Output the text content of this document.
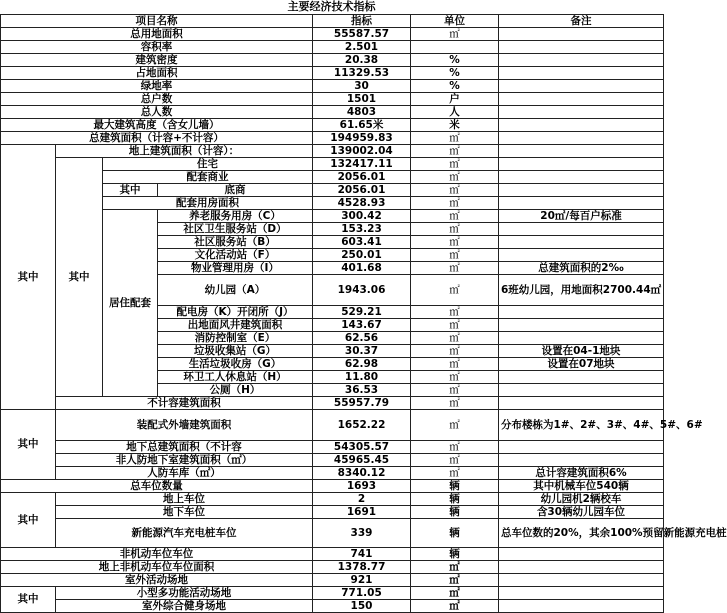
主要经济技术指标
项目名称				指标	单位	备注
总用地面积				55587.57	㎡	
容积率				2.501		
建筑密度				20.38	%	
占地面积				11329.53	%	
绿地率				30	%	
总户数				1501	户	
总人数				4803	人	
最大建筑高度（含女儿墙）				61.65米	米	
总建筑面积（计容+不计容）				194959.83	㎡	
其中	地上建筑面积（计容）：			139002.04	㎡	
	其中	住宅		132417.11	㎡	
		配套商业		2056.01	㎡	
		其中	底商	2056.01	㎡	
		配套用房面积		4528.93	㎡	
		居住配套	养老服务用房（C）	300.42	㎡	20㎡/每百户标准
			社区卫生服务站（D）	153.23	㎡	
			社区服务站（B）	603.41	㎡	
			文化活动站（F）	250.01	㎡	
			物业管理用房（I）	401.68	㎡	总建筑面积的2‰
			幼儿园（A）	1943.06	㎡	6班幼儿园，用地面积2700.44㎡
			配电房（K）开闭所（J）	529.21	㎡	
			出地面风井建筑面积	143.67	㎡	
			消防控制室（E）	62.56	㎡	
			垃圾收集站（G）	30.37	㎡	设置在04-1地块
			生活垃圾收房（G）	62.98	㎡	设置在07地块
			环卫工人休息站（H）	11.80	㎡	
			公厕（H）	36.53	㎡	
	不计容建筑面积			55957.79	㎡	
其中	装配式外墙建筑面积			1652.22	㎡	分布楼栋为1#、2#、3#、4#、5#、6#
	地下总建筑面积（不计容			54305.57	㎡	
	非人防地下室建筑面积（㎡）			45965.45	㎡	
	人防车库（㎡）			8340.12	㎡	总计容建筑面积6%
总车位数量				1693	辆	其中机械车位540辆
其中	地上车位			2	辆	幼儿园机2辆校车
	地下车位			1691	辆	含30辆幼儿园车位
	新能源汽车充电桩车位			339	辆	总车位数的20%，其余100%预留新能源充电桩
非机动车位车位				741	辆	
地上非机动车位车位面积				1378.77	㎡	
室外活动场地				921	㎡	
其中	小型多功能活动场地			771.05	㎡	
	室外综合健身场地			150	㎡	
